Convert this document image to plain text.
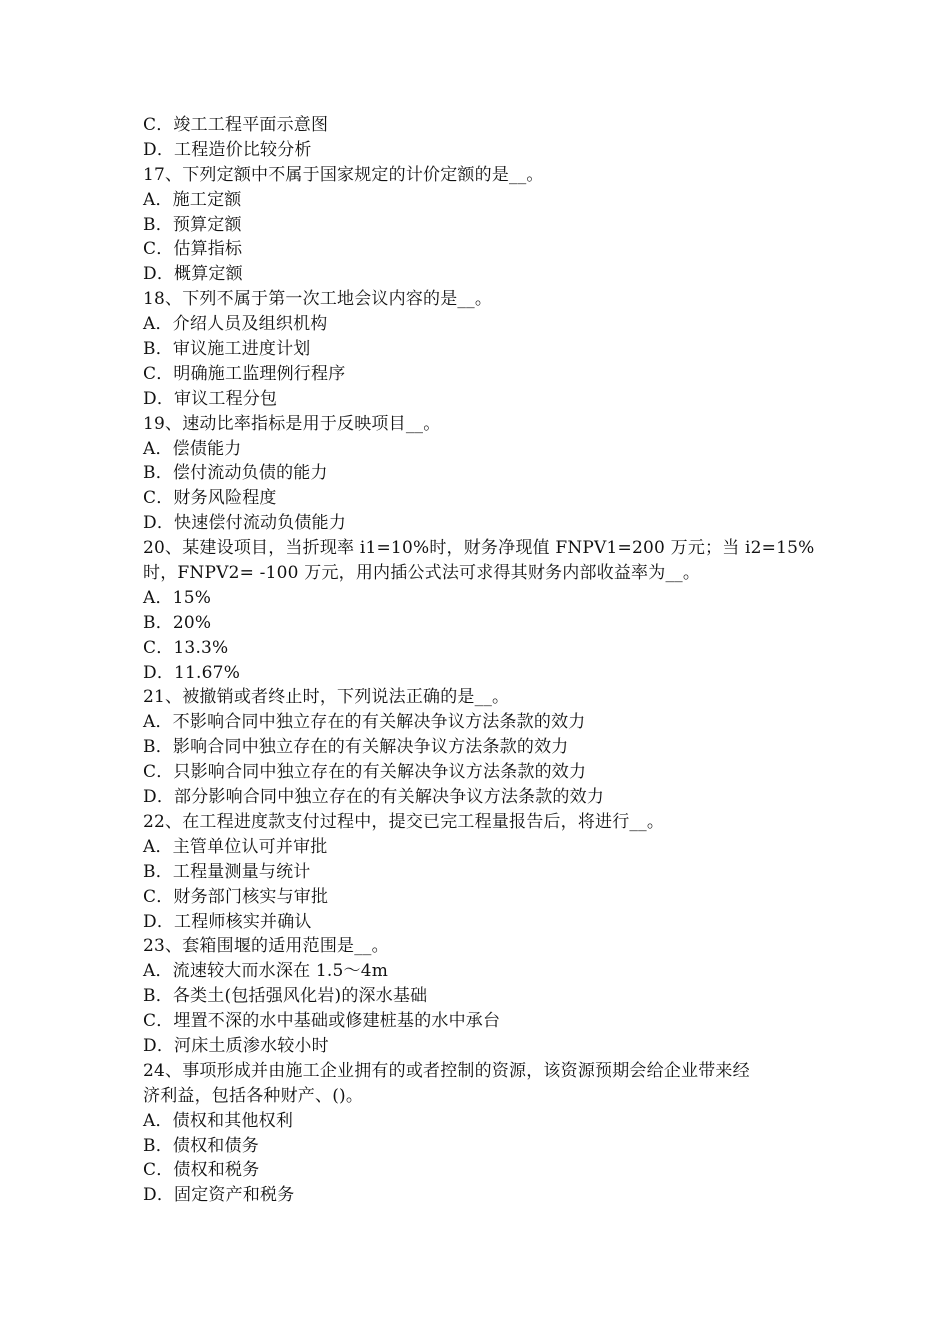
C．竣工工程平面示意图
D．工程造价比较分析
17、下列定额中不属于国家规定的计价定额的是__。
A．施工定额
B．预算定额
C．估算指标
D．概算定额
18、下列不属于第一次工地会议内容的是__。
A．介绍人员及组织机构
B．审议施工进度计划
C．明确施工监理例行程序
D．审议工程分包
19、速动比率指标是用于反映项目__。
A．偿债能力
B．偿付流动负债的能力
C．财务风险程度
D．快速偿付流动负债能力
20、某建设项目，当折现率 i1=10%时，财务净现值 FNPV1=200 万元；当 i2=15%
时，FNPV2= -100 万元，用内插公式法可求得其财务内部收益率为__。
A．15%
B．20%
C．13.3%
D．11.67%
21、被撤销或者终止时，下列说法正确的是__。
A．不影响合同中独立存在的有关解决争议方法条款的效力
B．影响合同中独立存在的有关解决争议方法条款的效力
C．只影响合同中独立存在的有关解决争议方法条款的效力
D．部分影响合同中独立存在的有关解决争议方法条款的效力
22、在工程进度款支付过程中，提交已完工程量报告后，将进行__。
A．主管单位认可并审批
B．工程量测量与统计
C．财务部门核实与审批
D．工程师核实并确认
23、套箱围堰的适用范围是__。
A．流速较大而水深在 1.5～4m
B．各类土(包括强风化岩)的深水基础
C．埋置不深的水中基础或修建桩基的水中承台
D．河床土质渗水较小时
24、事项形成并由施工企业拥有的或者控制的资源，该资源预期会给企业带来经
济利益，包括各种财产、()。
A．债权和其他权利
B．债权和债务
C．债权和税务
D．固定资产和税务
